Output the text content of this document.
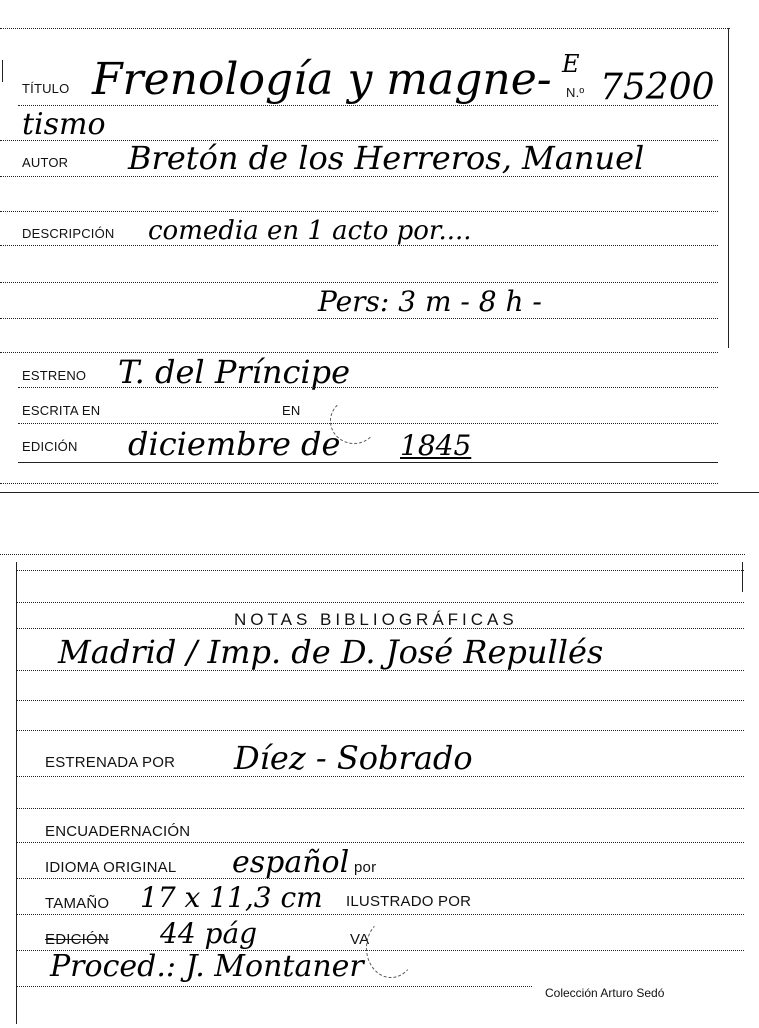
TÍTULO Frenología y magne- E
N.º 75200
tismo
AUTOR Bretón de los Herreros, Manuel
DESCRIPCIÓN comedia en 1 acto por....
Pers: 3 m - 8 h -
ESTRENO T. del Príncipe
ESCRITA EN	EN
EDICIÓN diciembre de 1845
NOTAS BIBLIOGRÁFICAS
Madrid / Imp. de D. José Repullés
ESTRENADA POR Díez - Sobrado
ENCUADERNACIÓN
IDIOMA ORIGINAL español por
TAMAÑO 17 x 11,3 cm ILUSTRADO POR
EDICIÓN 44 pág	VA
Proced.: J. Montaner
Colección Arturo Sedó
